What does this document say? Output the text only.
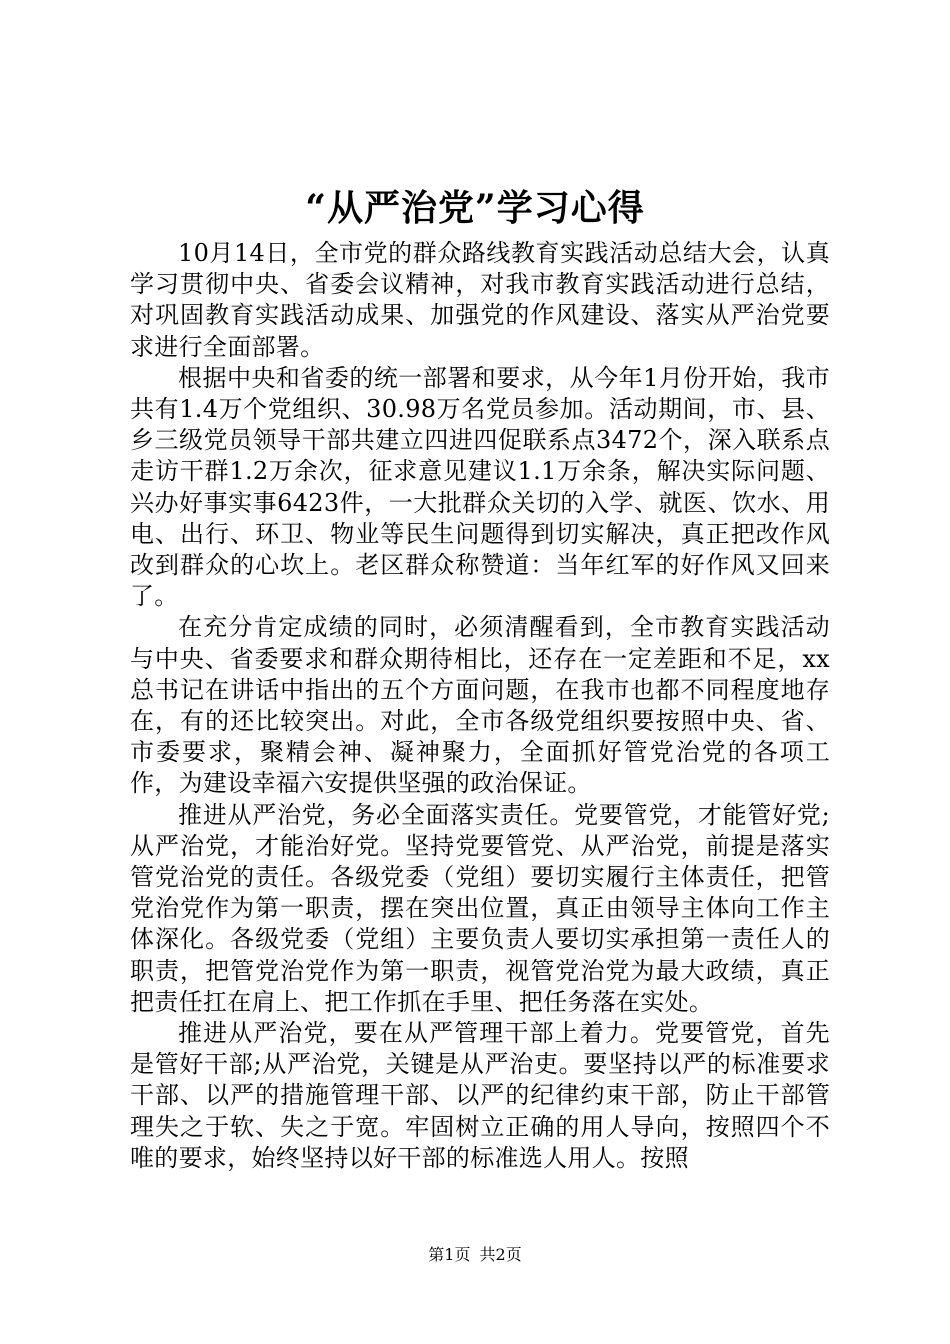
“从严治党”学习心得

10月14日，全市党的群众路线教育实践活动总结大会，认真学习贯彻中央、省委会议精神，对我市教育实践活动进行总结，对巩固教育实践活动成果、加强党的作风建设、落实从严治党要求进行全面部署。

根据中央和省委的统一部署和要求，从今年1月份开始，我市共有1.4万个党组织、30.98万名党员参加。活动期间，市、县、乡三级党员领导干部共建立四进四促联系点3472个，深入联系点走访干群1.2万余次，征求意见建议1.1万余条，解决实际问题、兴办好事实事6423件，一大批群众关切的入学、就医、饮水、用电、出行、环卫、物业等民生问题得到切实解决，真正把改作风改到群众的心坎上。老区群众称赞道：当年红军的好作风又回来了。

在充分肯定成绩的同时，必须清醒看到，全市教育实践活动与中央、省委要求和群众期待相比，还存在一定差距和不足，xx总书记在讲话中指出的五个方面问题，在我市也都不同程度地存在，有的还比较突出。对此，全市各级党组织要按照中央、省、市委要求，聚精会神、凝神聚力，全面抓好管党治党的各项工作，为建设幸福六安提供坚强的政治保证。

推进从严治党，务必全面落实责任。党要管党，才能管好党;从严治党，才能治好党。坚持党要管党、从严治党，前提是落实管党治党的责任。各级党委（党组）要切实履行主体责任，把管党治党作为第一职责，摆在突出位置，真正由领导主体向工作主体深化。各级党委（党组）主要负责人要切实承担第一责任人的职责，把管党治党作为第一职责，视管党治党为最大政绩，真正把责任扛在肩上、把工作抓在手里、把任务落在实处。

推进从严治党，要在从严管理干部上着力。党要管党，首先是管好干部;从严治党，关键是从严治吏。要坚持以严的标准要求干部、以严的措施管理干部、以严的纪律约束干部，防止干部管理失之于软、失之于宽。牢固树立正确的用人导向，按照四个不唯的要求，始终坚持以好干部的标准选人用人。按照

第1页 共2页
